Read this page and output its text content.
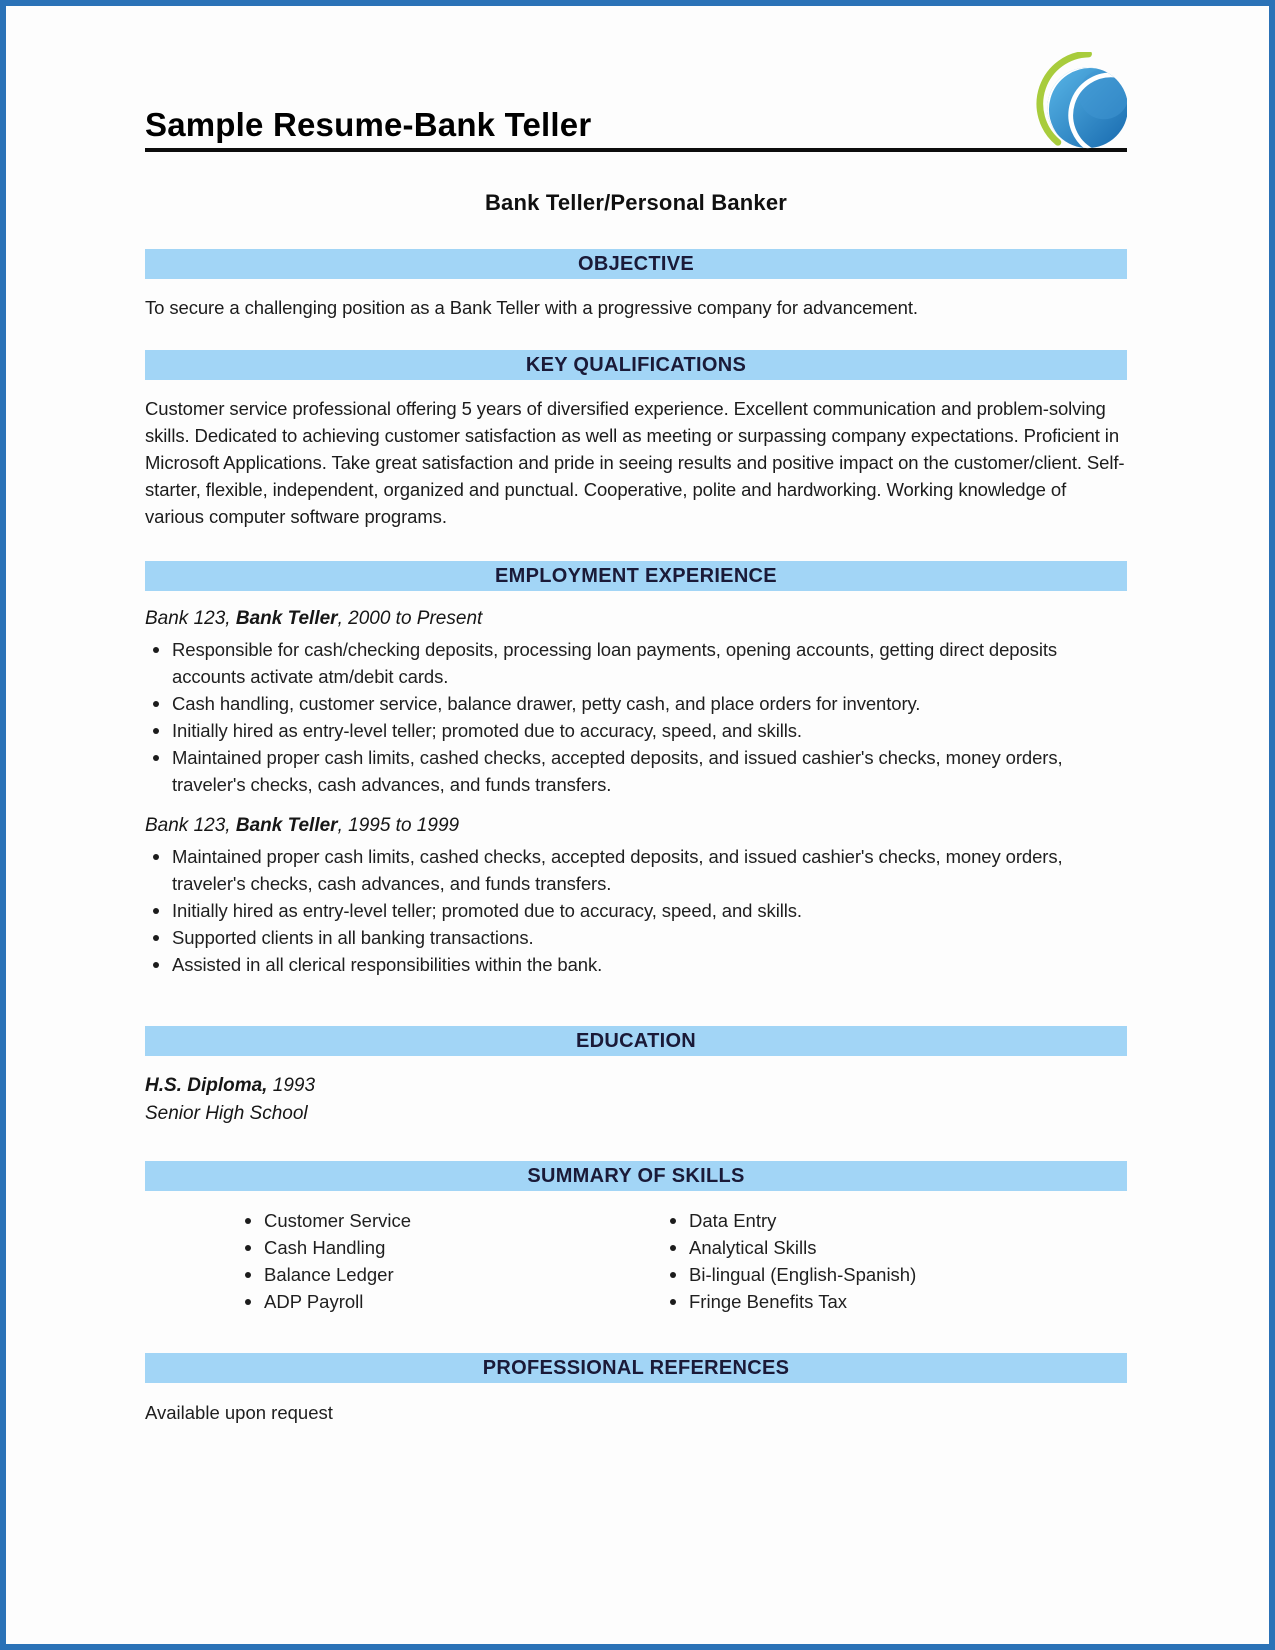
Sample Resume-Bank Teller
Bank Teller/Personal Banker
OBJECTIVE

To secure a challenging position as a Bank Teller with a progressive company for advancement.

KEY QUALIFICATIONS

Customer service professional offering 5 years of diversified experience. Excellent communication and problem-solving skills. Dedicated to achieving customer satisfaction as well as meeting or surpassing company expectations. Proficient in Microsoft Applications. Take great satisfaction and pride in seeing results and positive impact on the customer/client. Self-starter, flexible, independent, organized and punctual. Cooperative, polite and hardworking. Working knowledge of various computer software programs.

EMPLOYMENT EXPERIENCE

Bank 123, Bank Teller, 2000 to Present

Responsible for cash/checking deposits, processing loan payments, opening accounts, getting direct deposits accounts activate atm/debit cards.
Cash handling, customer service, balance drawer, petty cash, and place orders for inventory.
Initially hired as entry-level teller; promoted due to accuracy, speed, and skills.
Maintained proper cash limits, cashed checks, accepted deposits, and issued cashier's checks, money orders, traveler's checks, cash advances, and funds transfers.

Bank 123, Bank Teller, 1995 to 1999

Maintained proper cash limits, cashed checks, accepted deposits, and issued cashier's checks, money orders, traveler's checks, cash advances, and funds transfers.
Initially hired as entry-level teller; promoted due to accuracy, speed, and skills.
Supported clients in all banking transactions.
Assisted in all clerical responsibilities within the bank.
EDUCATION

H.S. Diploma, 1993

Senior High School

SUMMARY OF SKILLS
Customer Service
Cash Handling
Balance Ledger
ADP Payroll
Data Entry
Analytical Skills
Bi-lingual (English-Spanish)
Fringe Benefits Tax
PROFESSIONAL REFERENCES

Available upon request
